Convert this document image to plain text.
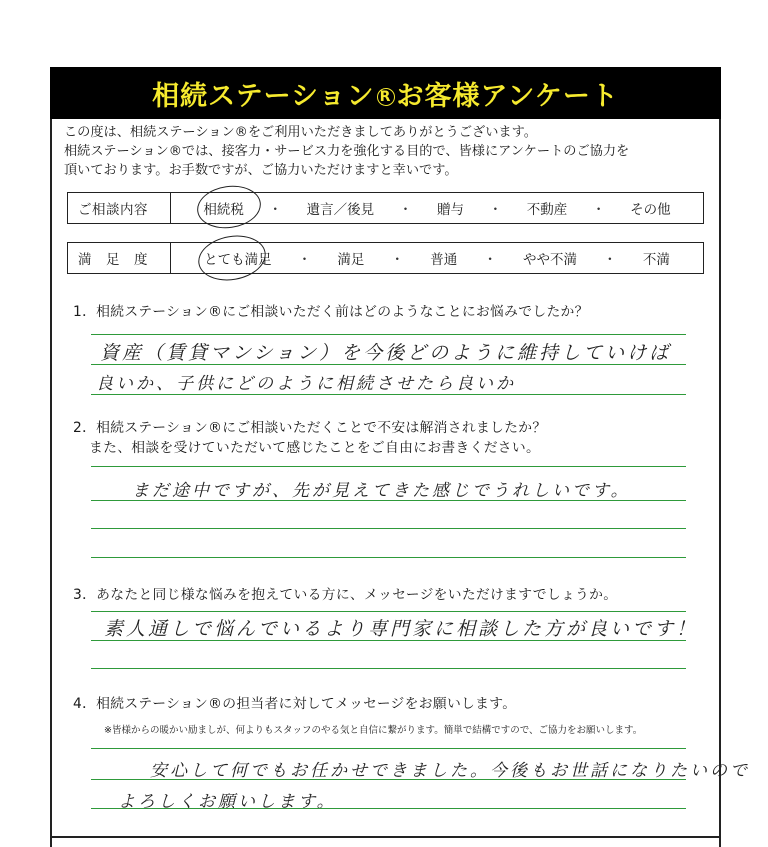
相続ステーション R お客様アンケート
この度は、相続ステーション®をご利用いただきましてありがとうございます。
相続ステーション®では、接客力・サービス力を強化する目的で、皆様にアンケートのご協力を
頂いております。お手数ですが、ご協力いただけますと幸いです。
ご相談内容	相続税 ・ 遺言／後見 ・ 贈与 ・ 不動産 ・ その他
満　足　度	とても満足 ・ 満足 ・ 普通 ・ やや不満 ・ 不満
1．相続ステーション®にご相談いただく前はどのようなことにお悩みでしたか？
資産（賃貸マンション）を今後どのように維持していけば
良いか、子供にどのように相続させたら良いか
2．相続ステーション®にご相談いただくことで不安は解消されましたか？
また、相談を受けていただいて感じたことをご自由にお書きください。
まだ途中ですが、先が見えてきた感じでうれしいです。
3．あなたと同じ様な悩みを抱えている方に、メッセージをいただけますでしょうか。
素人通しで悩んでいるより専門家に相談した方が良いです！
4．相続ステーション®の担当者に対してメッセージをお願いします。
※皆様からの暖かい励ましが、何よりもスタッフのやる気と自信に繋がります。簡単で結構ですので、ご協力をお願いします。
安心して何でもお任かせできました。今後もお世話になりたいので
よろしくお願いします。
